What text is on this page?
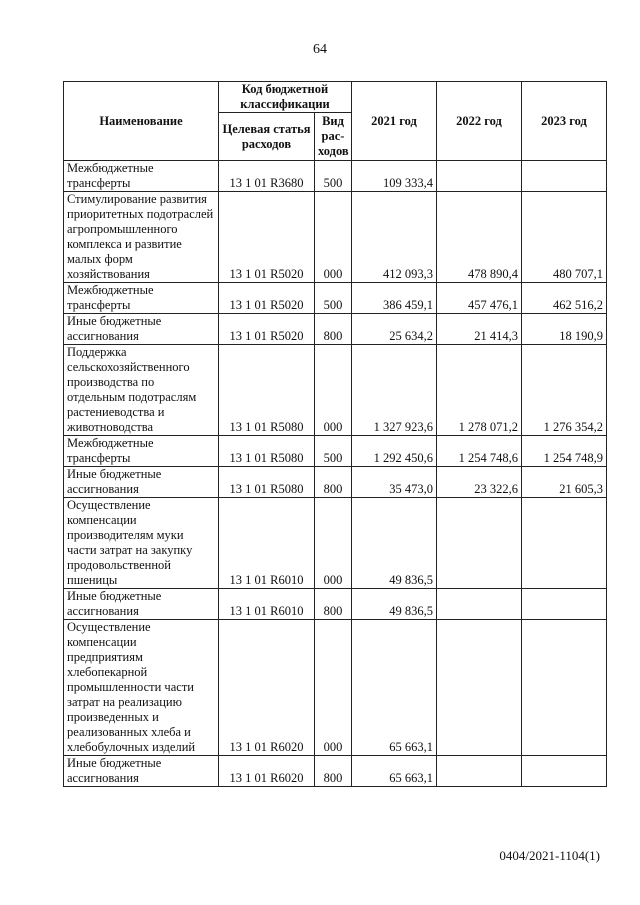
64
Наименование	Код бюджетной классификации		2021 год	2022 год	2023 год
	Целевая статья расходов	Вид рас-ходов			
Межбюджетные трансферты	13 1 01 R3680	500	109 333,4		
Стимулирование развития приоритетных подотраслей агропромышленного комплекса и развитие малых форм хозяйствования	13 1 01 R5020	000	412 093,3	478 890,4	480 707,1
Межбюджетные трансферты	13 1 01 R5020	500	386 459,1	457 476,1	462 516,2
Иные бюджетные ассигнования	13 1 01 R5020	800	25 634,2	21 414,3	18 190,9
Поддержка сельскохозяйственного производства по отдельным подотраслям растениеводства и животноводства	13 1 01 R5080	000	1 327 923,6	1 278 071,2	1 276 354,2
Межбюджетные трансферты	13 1 01 R5080	500	1 292 450,6	1 254 748,6	1 254 748,9
Иные бюджетные ассигнования	13 1 01 R5080	800	35 473,0	23 322,6	21 605,3
Осуществление компенсации производителям муки части затрат на закупку продовольственной пшеницы	13 1 01 R6010	000	49 836,5		
Иные бюджетные ассигнования	13 1 01 R6010	800	49 836,5		
Осуществление компенсации предприятиям хлебопекарной промышленности части затрат на реализацию произведенных и реализованных хлеба и хлебобулочных изделий	13 1 01 R6020	000	65 663,1		
Иные бюджетные ассигнования	13 1 01 R6020	800	65 663,1		
0404/2021-1104(1)
